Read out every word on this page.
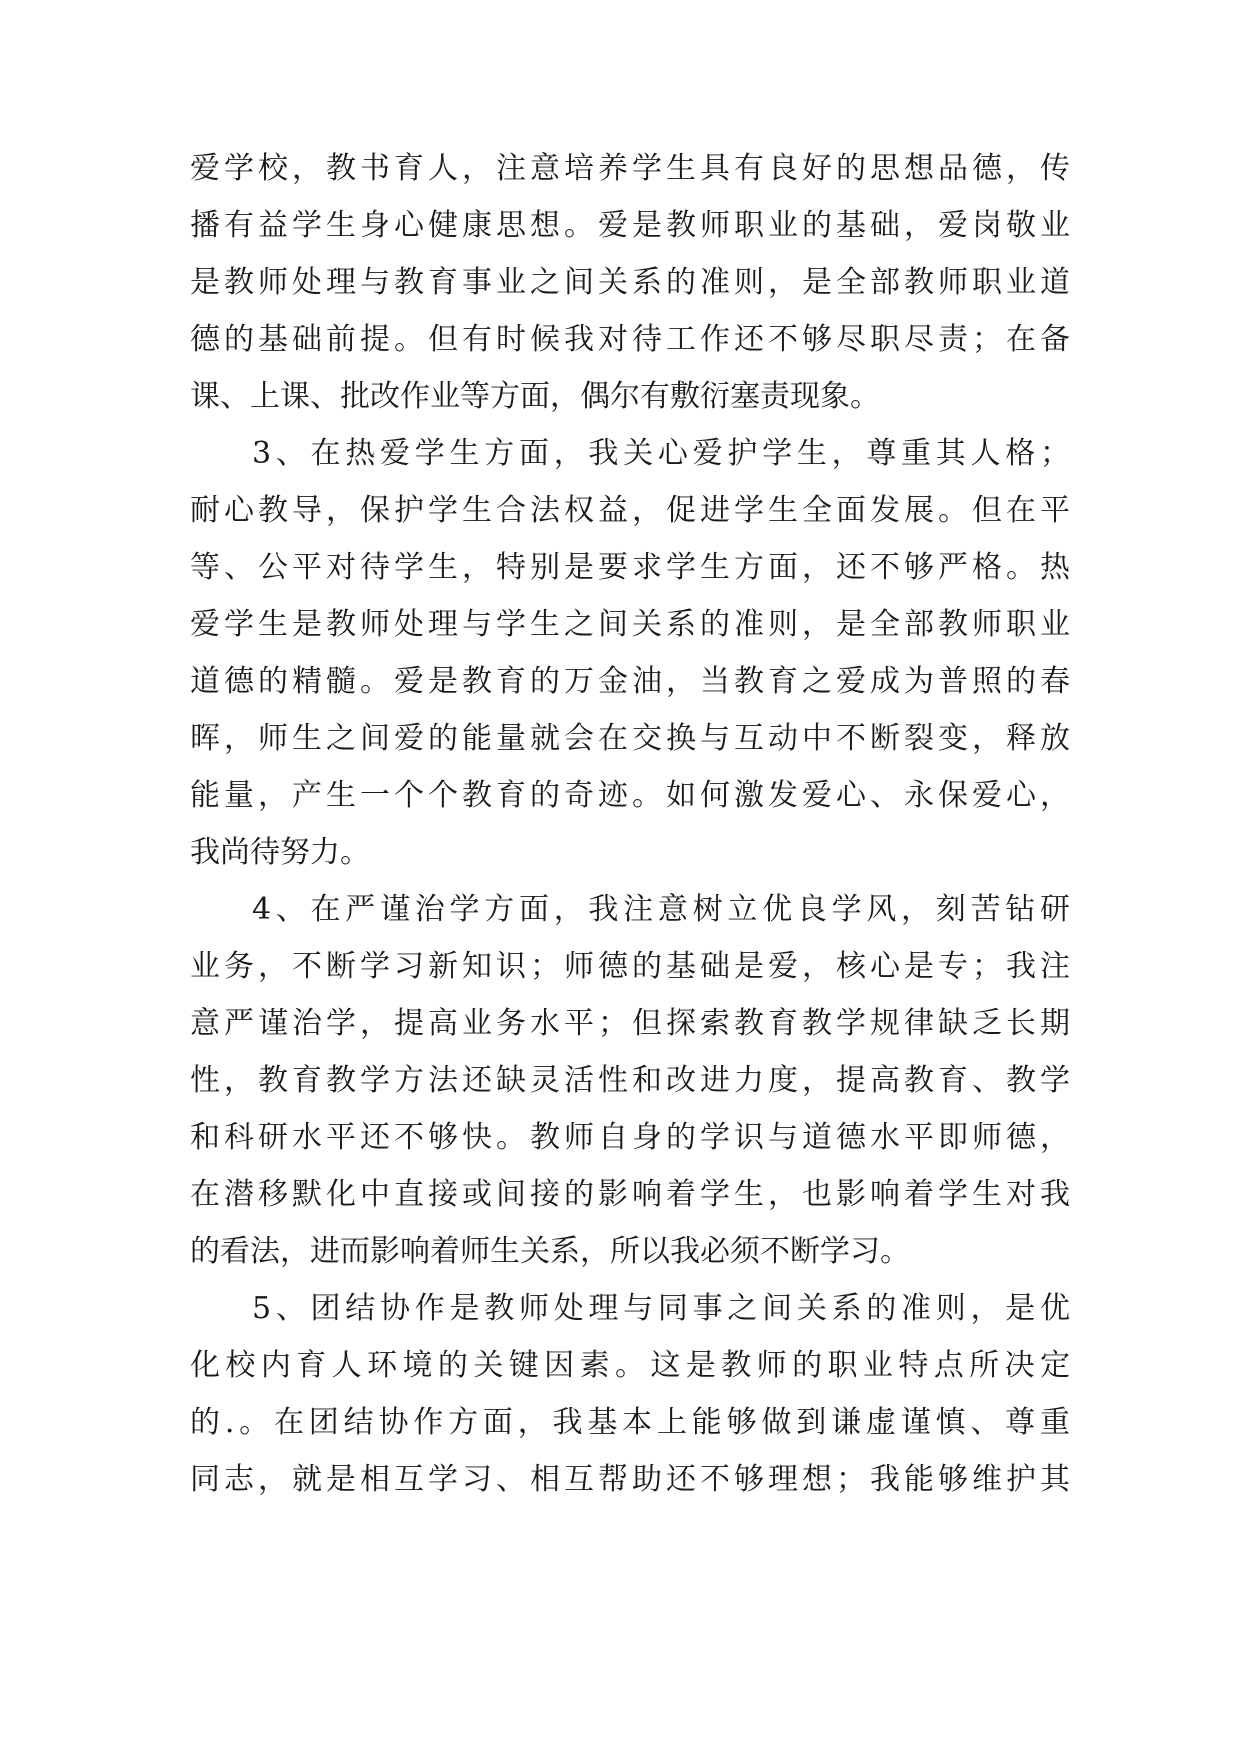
爱学校，教书育人，注意培养学生具有良好的思想品德，传
播有益学生身心健康思想。爱是教师职业的基础，爱岗敬业
是教师处理与教育事业之间关系的准则，是全部教师职业道
德的基础前提。但有时候我对待工作还不够尽职尽责；在备
课、上课、批改作业等方面，偶尔有敷衍塞责现象。
3、在热爱学生方面，我关心爱护学生，尊重其人格；
耐心教导，保护学生合法权益，促进学生全面发展。但在平
等、公平对待学生，特别是要求学生方面，还不够严格。热
爱学生是教师处理与学生之间关系的准则，是全部教师职业
道德的精髓。爱是教育的万金油，当教育之爱成为普照的春
晖，师生之间爱的能量就会在交换与互动中不断裂变，释放
能量，产生一个个教育的奇迹。如何激发爱心、永保爱心，
我尚待努力。
4、在严谨治学方面，我注意树立优良学风，刻苦钻研
业务，不断学习新知识；师德的基础是爱，核心是专；我注
意严谨治学，提高业务水平；但探索教育教学规律缺乏长期
性，教育教学方法还缺灵活性和改进力度，提高教育、教学
和科研水平还不够快。教师自身的学识与道德水平即师德，
在潜移默化中直接或间接的影响着学生，也影响着学生对我
的看法，进而影响着师生关系，所以我必须不断学习。
5、团结协作是教师处理与同事之间关系的准则，是优
化校内育人环境的关键因素。这是教师的职业特点所决定
的.。在团结协作方面，我基本上能够做到谦虚谨慎、尊重
同志，就是相互学习、相互帮助还不够理想；我能够维护其
